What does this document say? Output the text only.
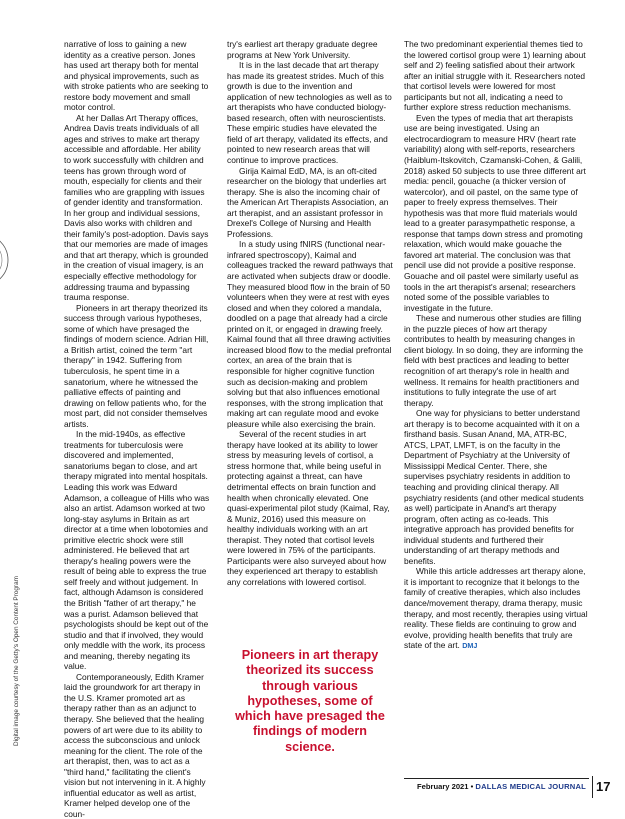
Digital image courtesy of the Getty's Open Content Program

narrative of loss to gaining a new identity as a creative person. Jones has used art therapy both for mental and physical improvements, such as with stroke patients who are seeking to restore body movement and small motor control.

At her Dallas Art Therapy offices, Andrea Davis treats individuals of all ages and strives to make art therapy accessible and affordable. Her ability to work successfully with children and teens has grown through word of mouth, especially for clients and their families who are grappling with issues of gender identity and transformation. In her group and individual sessions, Davis also works with children and their family's post-adoption. Davis says that our memories are made of images and that art therapy, which is grounded in the creation of visual imagery, is an especially effective methodology for addressing trauma and bypassing trauma response.

Pioneers in art therapy theorized its success through various hypotheses, some of which have presaged the findings of modern science. Adrian Hill, a British artist, coined the term "art therapy" in 1942. Suffering from tuberculosis, he spent time in a sanatorium, where he witnessed the palliative effects of painting and drawing on fellow patients who, for the most part, did not consider themselves artists.

In the mid-1940s, as effective treatments for tuberculosis were discovered and implemented, sanatoriums began to close, and art therapy migrated into mental hospitals. Leading this work was Edward Adamson, a colleague of Hills who was also an artist. Adamson worked at two long-stay asylums in Britain as art director at a time when lobotomies and primitive electric shock were still administered. He believed that art therapy's healing powers were the result of being able to express the true self freely and without judgement. In fact, although Adamson is considered the British "father of art therapy," he was a purist. Adamson believed that psychologists should be kept out of the studio and that if involved, they would only meddle with the work, its process and meaning, thereby negating its value.

Contemporaneously, Edith Kramer laid the groundwork for art therapy in the U.S. Kramer promoted art as therapy rather than as an adjunct to therapy. She believed that the healing powers of art were due to its ability to access the subconscious and unlock meaning for the client. The role of the art therapist, then, was to act as a "third hand," facilitating the client's vision but not intervening in it. A highly influential educator as well as artist, Kramer helped develop one of the coun-

try's earliest art therapy graduate degree programs at New York University.

It is in the last decade that art therapy has made its greatest strides. Much of this growth is due to the invention and application of new technologies as well as to art therapists who have conducted biology-based research, often with neuroscientists. These empiric studies have elevated the field of art therapy, validated its effects, and pointed to new research areas that will continue to improve practices.

Girija Kaimal EdD, MA, is an oft-cited researcher on the biology that underlies art therapy. She is also the incoming chair of the American Art Therapists Association, an art therapist, and an assistant professor in Drexel's College of Nursing and Health Professions.

In a study using fNIRS (functional near-infrared spectroscopy), Kaimal and colleagues tracked the reward pathways that are activated when subjects draw or doodle. They measured blood flow in the brain of 50 volunteers when they were at rest with eyes closed and when they colored a mandala, doodled on a page that already had a circle printed on it, or engaged in drawing freely. Kaimal found that all three drawing activities increased blood flow to the medial prefrontal cortex, an area of the brain that is responsible for higher cognitive function such as decision-making and problem solving but that also influences emotional responses, with the strong implication that making art can regulate mood and evoke pleasure while also exercising the brain.

Several of the recent studies in art therapy have looked at its ability to lower stress by measuring levels of cortisol, a stress hormone that, while being useful in protecting against a threat, can have detrimental effects on brain function and health when chronically elevated. One quasi-experimental pilot study (Kaimal, Ray, & Muniz, 2016) used this measure on healthy individuals working with an art therapist. They noted that cortisol levels were lowered in 75% of the participants. Participants were also surveyed about how they experienced art therapy to establish any correlations with lowered cortisol.

Pioneers in art therapy theorized its success through various hypotheses, some of which have presaged the findings of modern science.

The two predominant experiential themes tied to the lowered cortisol group were 1) learning about self and 2) feeling satisfied about their artwork after an initial struggle with it. Researchers noted that cortisol levels were lowered for most participants but not all, indicating a need to further explore stress reduction mechanisms.

Even the types of media that art therapists use are being investigated. Using an electrocardiogram to measure HRV (heart rate variability) along with self-reports, researchers (Haiblum-Itskovitch, Czamanski-Cohen, & Galili, 2018) asked 50 subjects to use three different art media: pencil, gouache (a thicker version of watercolor), and oil pastel, on the same type of paper to freely express themselves. Their hypothesis was that more fluid materials would lead to a greater parasympathetic response, a response that tamps down stress and promoting relaxation, which would make gouache the favored art material. The conclusion was that pencil use did not provide a positive response. Gouache and oil pastel were similarly useful as tools in the art therapist's arsenal; researchers noted some of the possible variables to investigate in the future.

These and numerous other studies are filling in the puzzle pieces of how art therapy contributes to health by measuring changes in client biology. In so doing, they are informing the field with best practices and leading to better recognition of art therapy's role in health and wellness. It remains for health practitioners and institutions to fully integrate the use of art therapy.

One way for physicians to better understand art therapy is to become acquainted with it on a firsthand basis. Susan Anand, MA, ATR-BC, ATCS, LPAT, LMFT, is on the faculty in the Department of Psychiatry at the University of Mississippi Medical Center. There, she supervises psychiatry residents in addition to teaching and providing clinical therapy. All psychiatry residents (and other medical students as well) participate in Anand's art therapy program, often acting as co-leads. This integrative approach has provided benefits for individual students and furthered their understanding of art therapy methods and benefits.

While this article addresses art therapy alone, it is important to recognize that it belongs to the family of creative therapies, which also includes dance/movement therapy, drama therapy, music therapy, and most recently, therapies using virtual reality. These fields are continuing to grow and evolve, providing health benefits that truly are state of the art. DMJ

February 2021 • DALLAS MEDICAL JOURNAL 17
